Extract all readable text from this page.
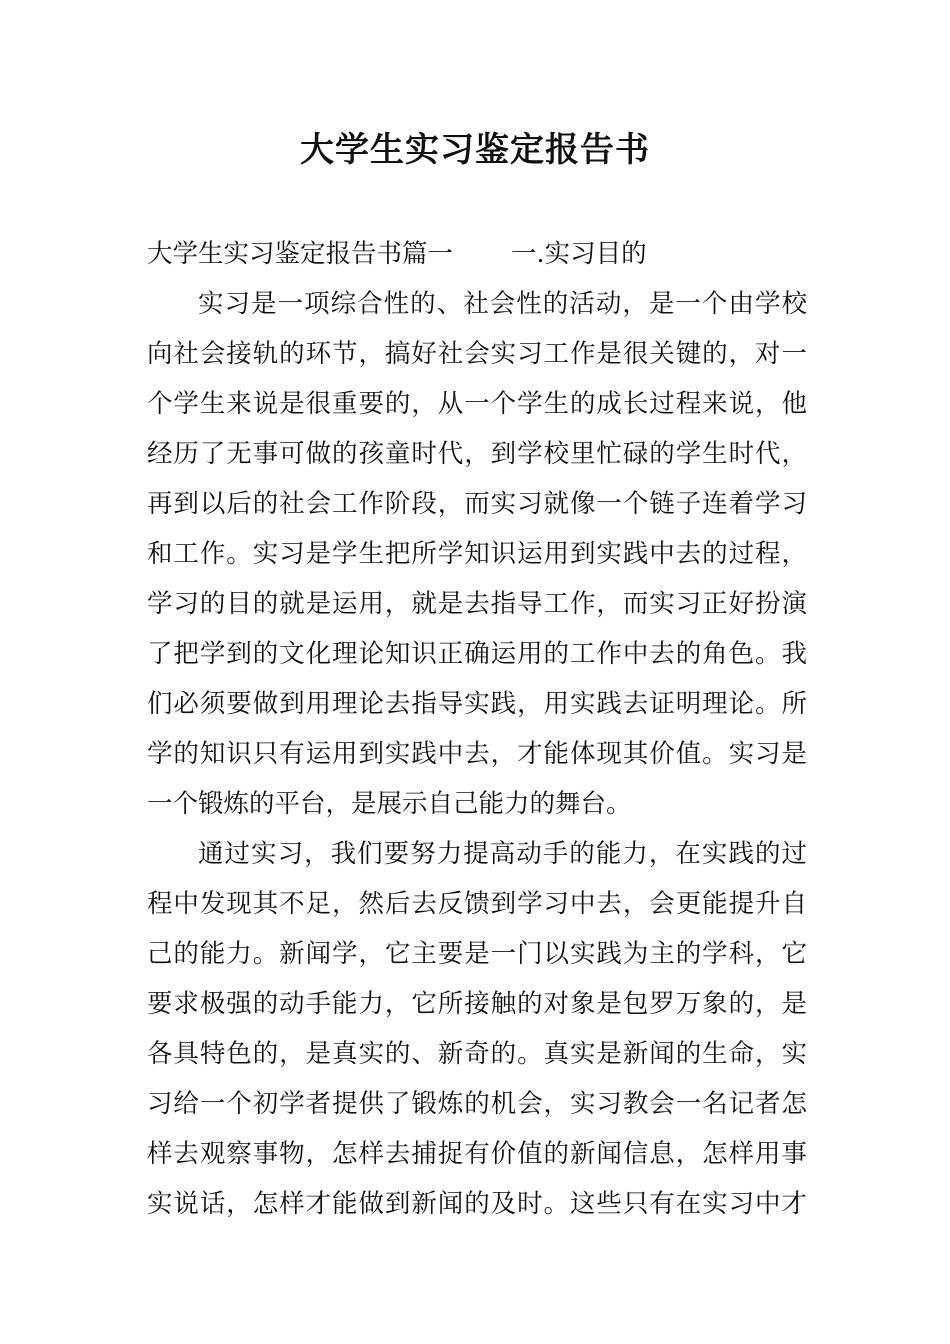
大学生实习鉴定报告书
大学生实习鉴定报告书篇一 一.实习目的
实习是一项综合性的、社会性的活动，是一个由学校
向社会接轨的环节，搞好社会实习工作是很关键的，对一
个学生来说是很重要的，从一个学生的成长过程来说，他
经历了无事可做的孩童时代，到学校里忙碌的学生时代，
再到以后的社会工作阶段，而实习就像一个链子连着学习
和工作。实习是学生把所学知识运用到实践中去的过程，
学习的目的就是运用，就是去指导工作，而实习正好扮演
了把学到的文化理论知识正确运用的工作中去的角色。我
们必须要做到用理论去指导实践，用实践去证明理论。所
学的知识只有运用到实践中去，才能体现其价值。实习是
一个锻炼的平台，是展示自己能力的舞台。
通过实习，我们要努力提高动手的能力，在实践的过
程中发现其不足，然后去反馈到学习中去，会更能提升自
己的能力。新闻学，它主要是一门以实践为主的学科，它
要求极强的动手能力，它所接触的对象是包罗万象的，是
各具特色的，是真实的、新奇的。真实是新闻的生命，实
习给一个初学者提供了锻炼的机会，实习教会一名记者怎
样去观察事物，怎样去捕捉有价值的新闻信息，怎样用事
实说话，怎样才能做到新闻的及时。这些只有在实习中才
